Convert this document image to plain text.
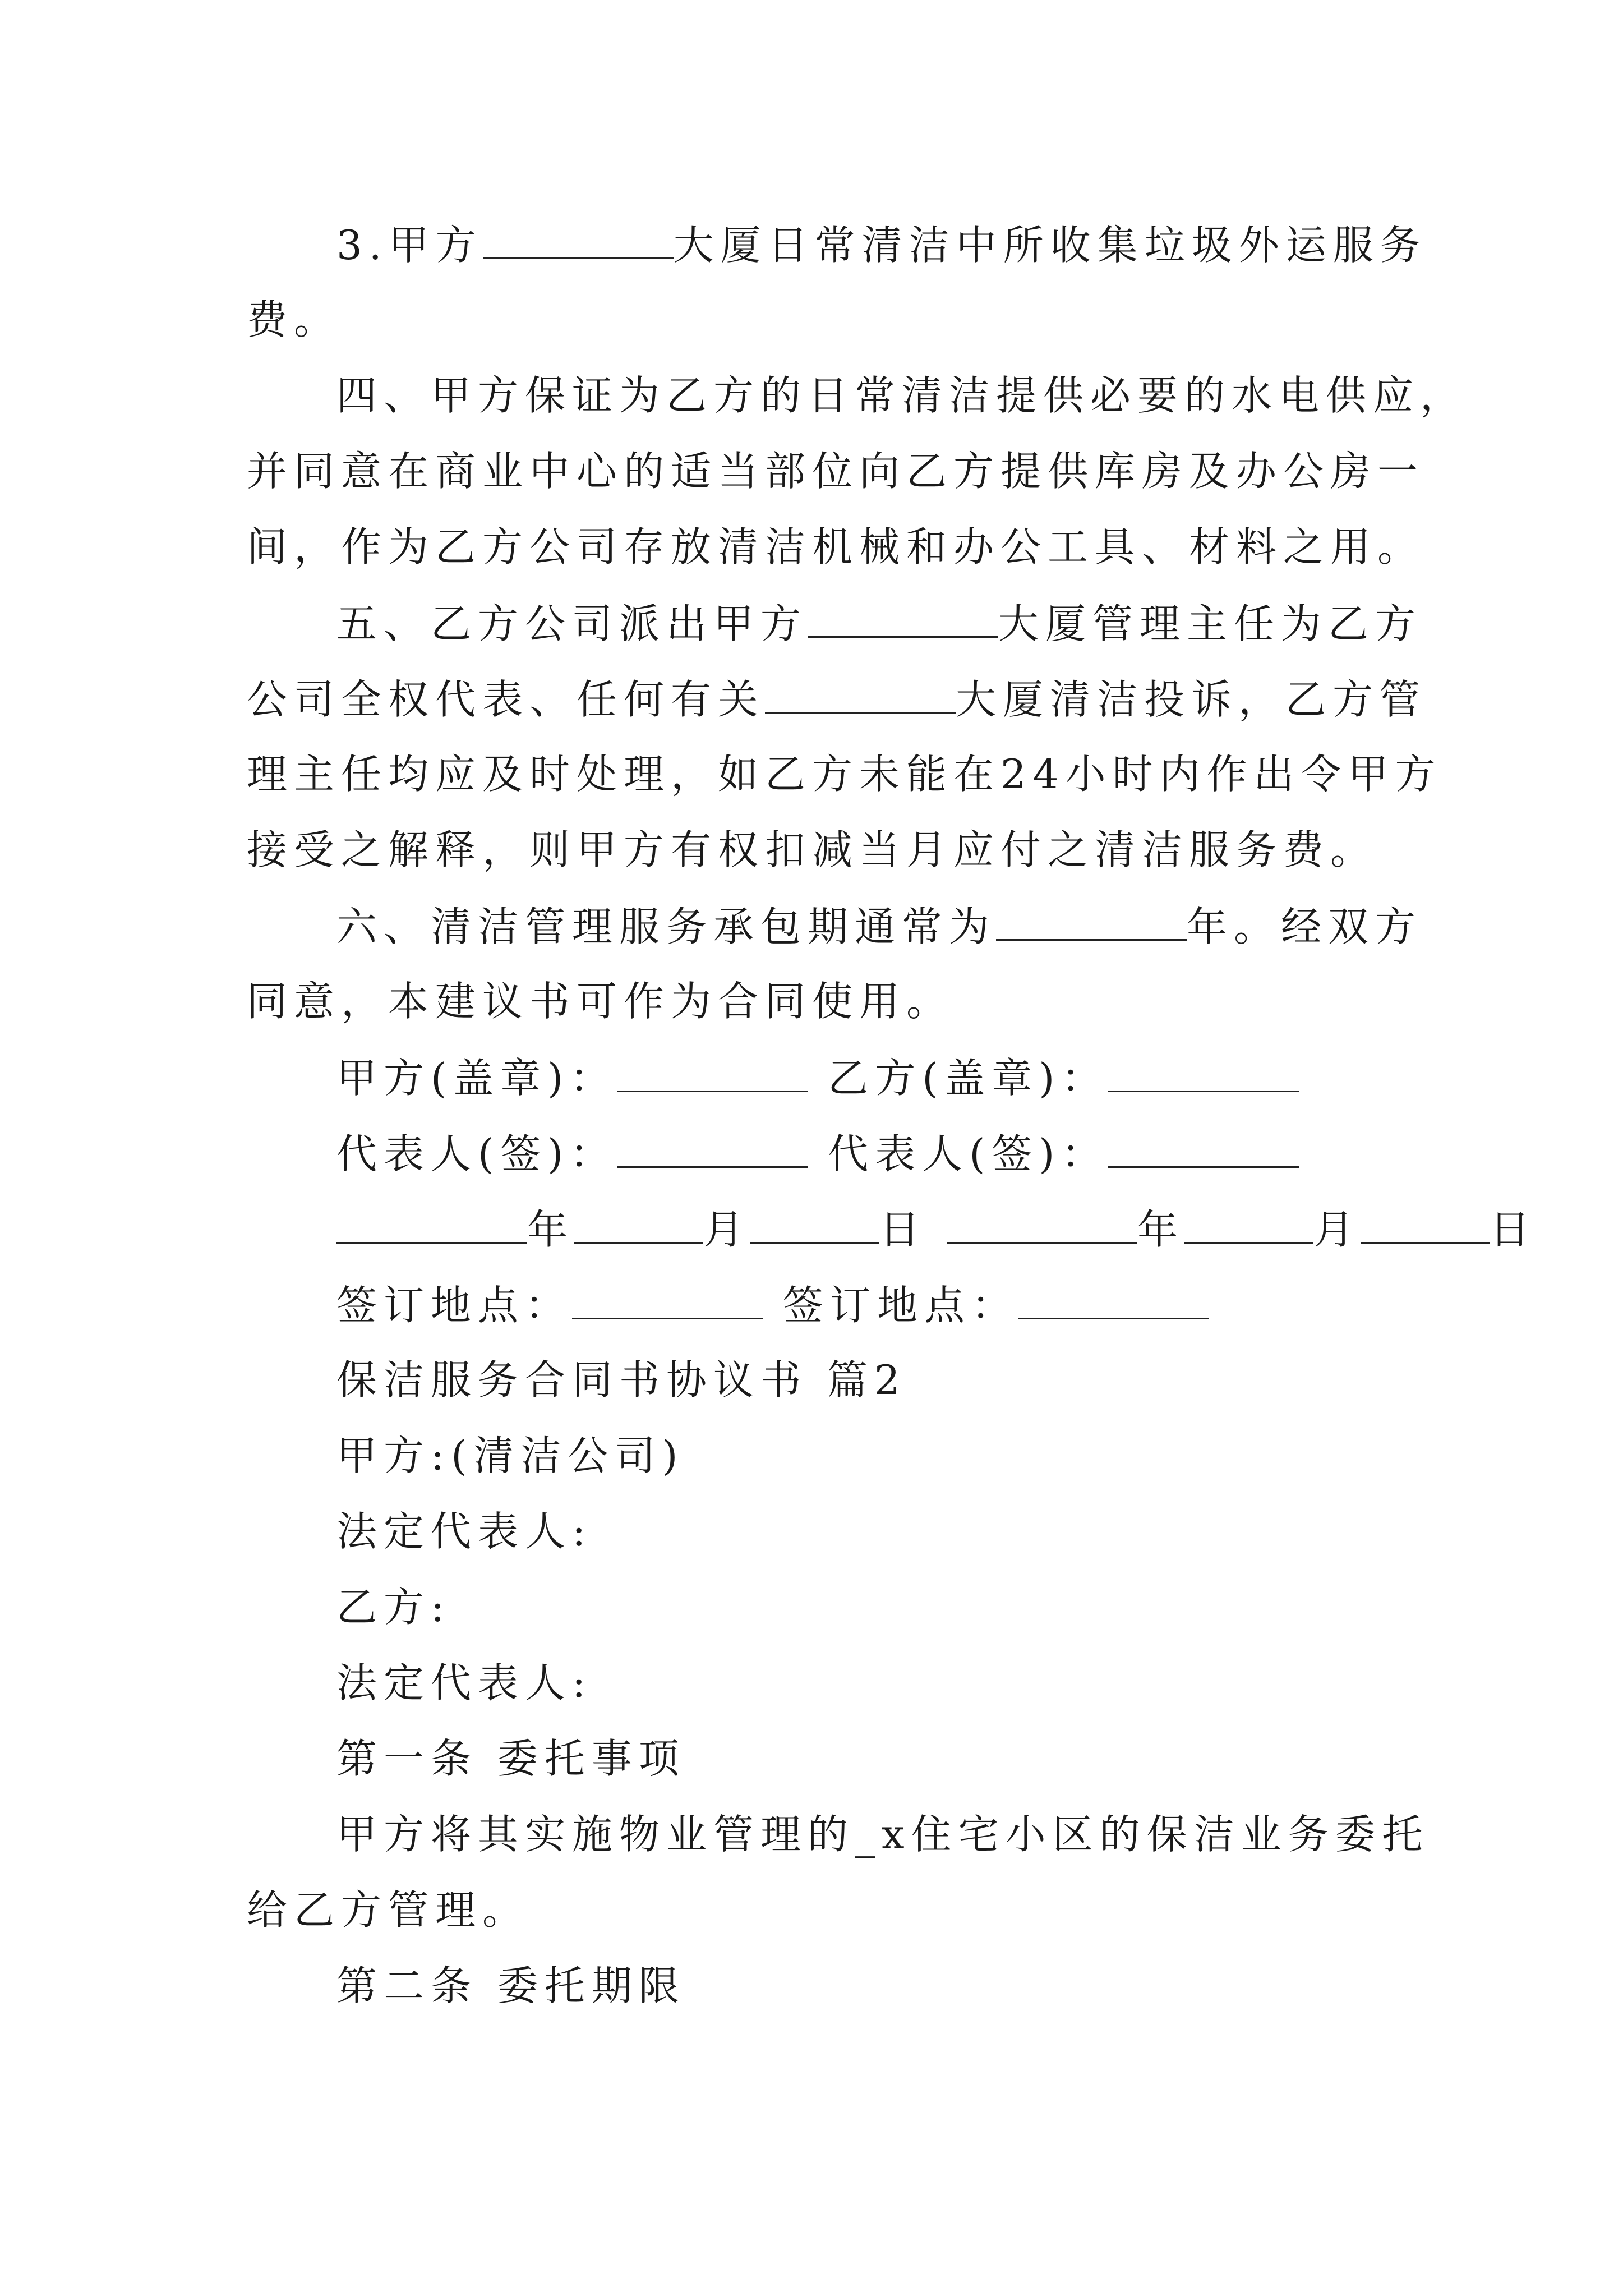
3.甲方	大厦日常清洁中所收集垃圾外运服务
费。
四、甲方保证为乙方的日常清洁提供必要的水电供应，
并同意在商业中心的适当部位向乙方提供库房及办公房一
间，作为乙方公司存放清洁机械和办公工具、材料之用。
五、乙方公司派出甲方	大厦管理主任为乙方
公司全权代表、任何有关	大厦清洁投诉，乙方管
理主任均应及时处理，如乙方未能在24小时内作出令甲方
接受之解释，则甲方有权扣减当月应付之清洁服务费。
六、清洁管理服务承包期通常为	年。经双方
同意，本建议书可作为合同使用。
甲方(盖章)：	乙方(盖章)：
代表人(签)：	代表人(签)：
年	月	日	年	月	日
签订地点：	签订地点：
保洁服务合同书协议书 篇2
甲方:(清洁公司)
法定代表人:
乙方:
法定代表人:
第一条 委托事项
甲方将其实施物业管理的_x住宅小区的保洁业务委托
给乙方管理。
第二条 委托期限
